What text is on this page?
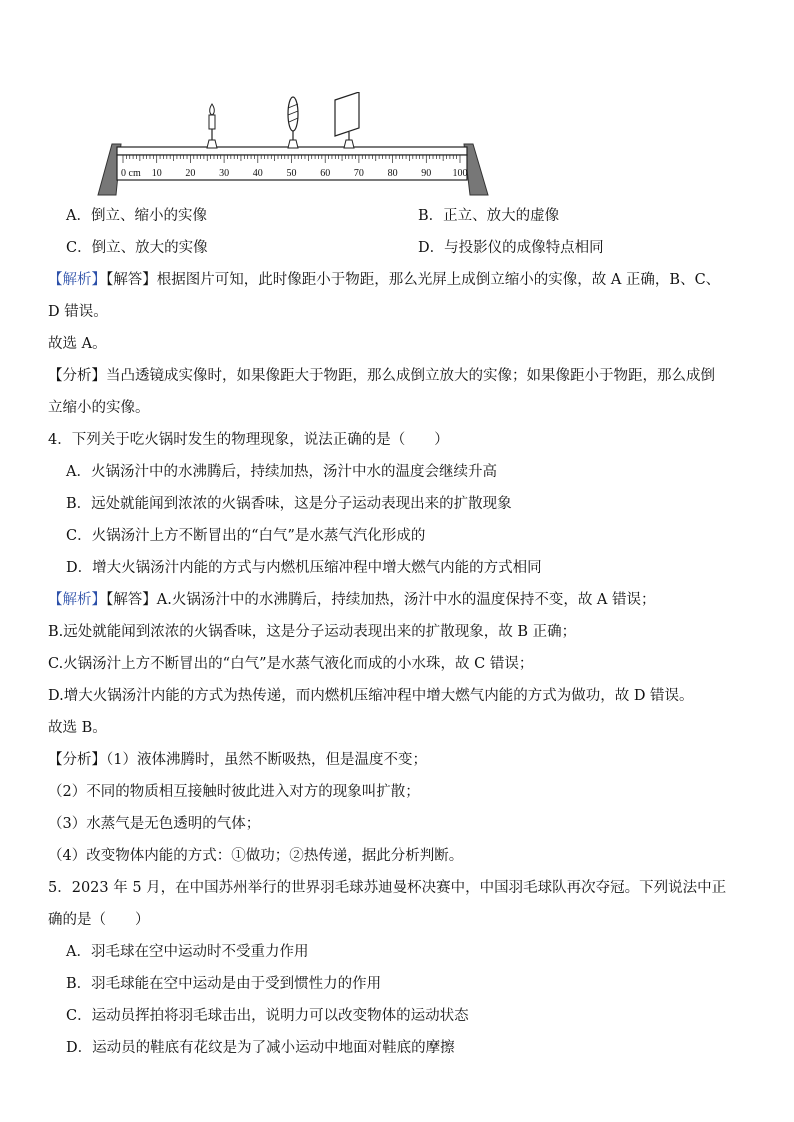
0 cm 10 20 30 40 50 60 70 80 90 100
A．倒立、缩小的实像	B．正立、放大的虚像
C．倒立、放大的实像	D．与投影仪的成像特点相同
【解析】【解答】根据图片可知，此时像距小于物距，那么光屏上成倒立缩小的实像，故 A 正确，B、C、
D 错误。
故选 A。
【分析】当凸透镜成实像时，如果像距大于物距，那么成倒立放大的实像；如果像距小于物距，那么成倒
立缩小的实像。
4．下列关于吃火锅时发生的物理现象，说法正确的是（　　）
A．火锅汤汁中的水沸腾后，持续加热，汤汁中水的温度会继续升高
B．远处就能闻到浓浓的火锅香味，这是分子运动表现出来的扩散现象
C．火锅汤汁上方不断冒出的“白气”是水蒸气汽化形成的
D．增大火锅汤汁内能的方式与内燃机压缩冲程中增大燃气内能的方式相同
【解析】【解答】A.火锅汤汁中的水沸腾后，持续加热，汤汁中水的温度保持不变，故 A 错误；
B.远处就能闻到浓浓的火锅香味，这是分子运动表现出来的扩散现象，故 B 正确；
C.火锅汤汁上方不断冒出的“白气”是水蒸气液化而成的小水珠，故 C 错误；
D.增大火锅汤汁内能的方式为热传递，而内燃机压缩冲程中增大燃气内能的方式为做功，故 D 错误。
故选 B。
【分析】（1）液体沸腾时，虽然不断吸热，但是温度不变；
（2）不同的物质相互接触时彼此进入对方的现象叫扩散；
（3）水蒸气是无色透明的气体；
（4）改变物体内能的方式：①做功；②热传递，据此分析判断。
5．2023 年 5 月，在中国苏州举行的世界羽毛球苏迪曼杯决赛中，中国羽毛球队再次夺冠。下列说法中正
确的是（　　）
A．羽毛球在空中运动时不受重力作用
B．羽毛球能在空中运动是由于受到惯性力的作用
C．运动员挥拍将羽毛球击出，说明力可以改变物体的运动状态
D．运动员的鞋底有花纹是为了减小运动中地面对鞋底的摩擦
